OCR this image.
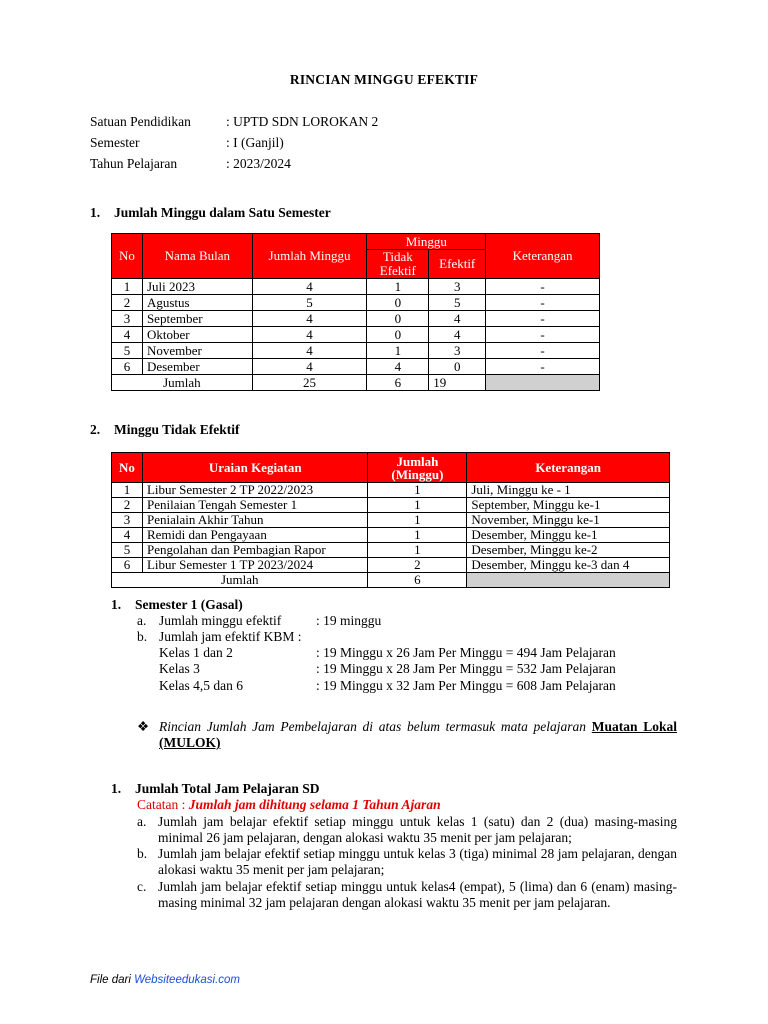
RINCIAN MINGGU EFEKTIF
Satuan Pendidikan	: UPTD SDN LOROKAN 2
Semester	: I (Ganjil)
Tahun Pelajaran	: 2023/2024
1. Jumlah Minggu dalam Satu Semester
No	Nama Bulan	Jumlah Minggu	Minggu		Keterangan
			Tidak Efektif	Efektif	
1	Juli 2023	4	1	3	-
2	Agustus	5	0	5	-
3	September	4	0	4	-
4	Oktober	4	0	4	-
5	November	4	1	3	-
6	Desember	4	4	0	-
Jumlah		25	6	19	
2. Minggu Tidak Efektif
No	Uraian Kegiatan	Jumlah (Minggu)	Keterangan
1	Libur Semester 2 TP 2022/2023	1	Juli, Minggu ke - 1
2	Penilaian Tengah Semester 1	1	September, Minggu ke-1
3	Penialain Akhir Tahun	1	November, Minggu ke-1
4	Remidi dan Pengayaan	1	Desember, Minggu ke-1
5	Pengolahan dan Pembagian Rapor	1	Desember, Minggu ke-2
6	Libur Semester 1 TP 2023/2024	2	Desember, Minggu ke-3 dan 4
Jumlah		6	
1. Semester 1 (Gasal)
a. Jumlah minggu efektif	: 19 minggu
b. Jumlah jam efektif KBM :
Kelas 1 dan 2	: 19 Minggu x 26 Jam Per Minggu = 494 Jam Pelajaran
Kelas 3	: 19 Minggu x 28 Jam Per Minggu = 532 Jam Pelajaran
Kelas 4,5 dan 6	: 19 Minggu x 32 Jam Per Minggu = 608 Jam Pelajaran
❖ Rincian Jumlah Jam Pembelajaran di atas belum termasuk mata pelajaran Muatan Lokal (MULOK)
1. Jumlah Total Jam Pelajaran SD
Catatan : Jumlah jam dihitung selama 1 Tahun Ajaran
a. Jumlah jam belajar efektif setiap minggu untuk kelas 1 (satu) dan 2 (dua) masing-masing minimal 26 jam pelajaran, dengan alokasi waktu 35 menit per jam pelajaran;
b. Jumlah jam belajar efektif setiap minggu untuk kelas 3 (tiga) minimal 28 jam pelajaran, dengan alokasi waktu 35 menit per jam pelajaran;
c. Jumlah jam belajar efektif setiap minggu untuk kelas4 (empat), 5 (lima) dan 6 (enam) masing-masing minimal 32 jam pelajaran dengan alokasi waktu 35 menit per jam pelajaran.
File dari Websiteedukasi.com
